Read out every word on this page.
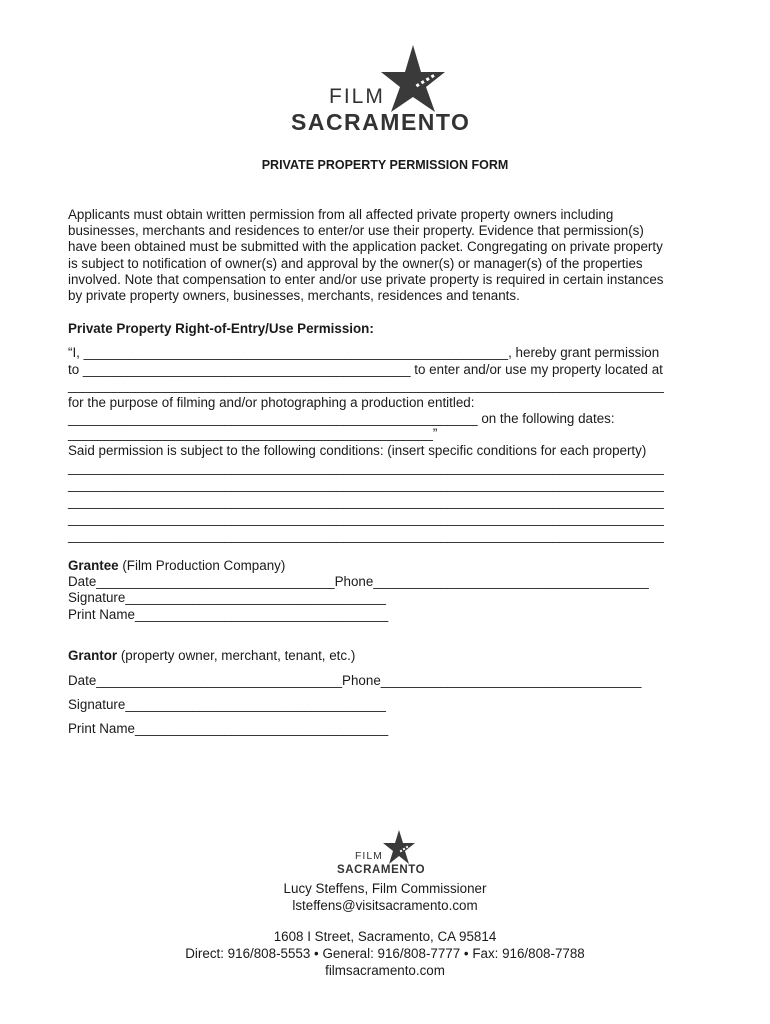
FILM
SACRAMENTO
PRIVATE PROPERTY PERMISSION FORM
Applicants must obtain written permission from all affected private property owners including
businesses, merchants and residences to enter/or use their property. Evidence that permission(s)
have been obtained must be submitted with the application packet. Congregating on private property
is subject to notification of owner(s) and approval by the owner(s) or manager(s) of the properties
involved. Note that compensation to enter and/or use private property is required in certain instances
by private property owners, businesses, merchants, residences and tenants.
Private Property Right-of-Entry/Use Permission:
“I, _________________________________________________________, hereby grant permission
to ____________________________________________ to enter and/or use my property located at
________________________________________________________________________________
for the purpose of filming and/or photographing a production entitled:
_______________________________________________________ on the following dates:
_________________________________________________”
Said permission is subject to the following conditions: (insert specific conditions for each property)
________________________________________________________________________________
________________________________________________________________________________
________________________________________________________________________________
________________________________________________________________________________
________________________________________________________________________________
Grantee (Film Production Company)
Date________________________________Phone_____________________________________
Signature___________________________________
Print Name__________________________________
Grantor (property owner, merchant, tenant, etc.)
Date_________________________________Phone___________________________________
Signature___________________________________
Print Name__________________________________
FILM
SACRAMENTO
Lucy Steffens, Film Commissioner
lsteffens@visitsacramento.com
1608 I Street, Sacramento, CA 95814
Direct: 916/808-5553 • General: 916/808-7777 • Fax: 916/808-7788
filmsacramento.com
